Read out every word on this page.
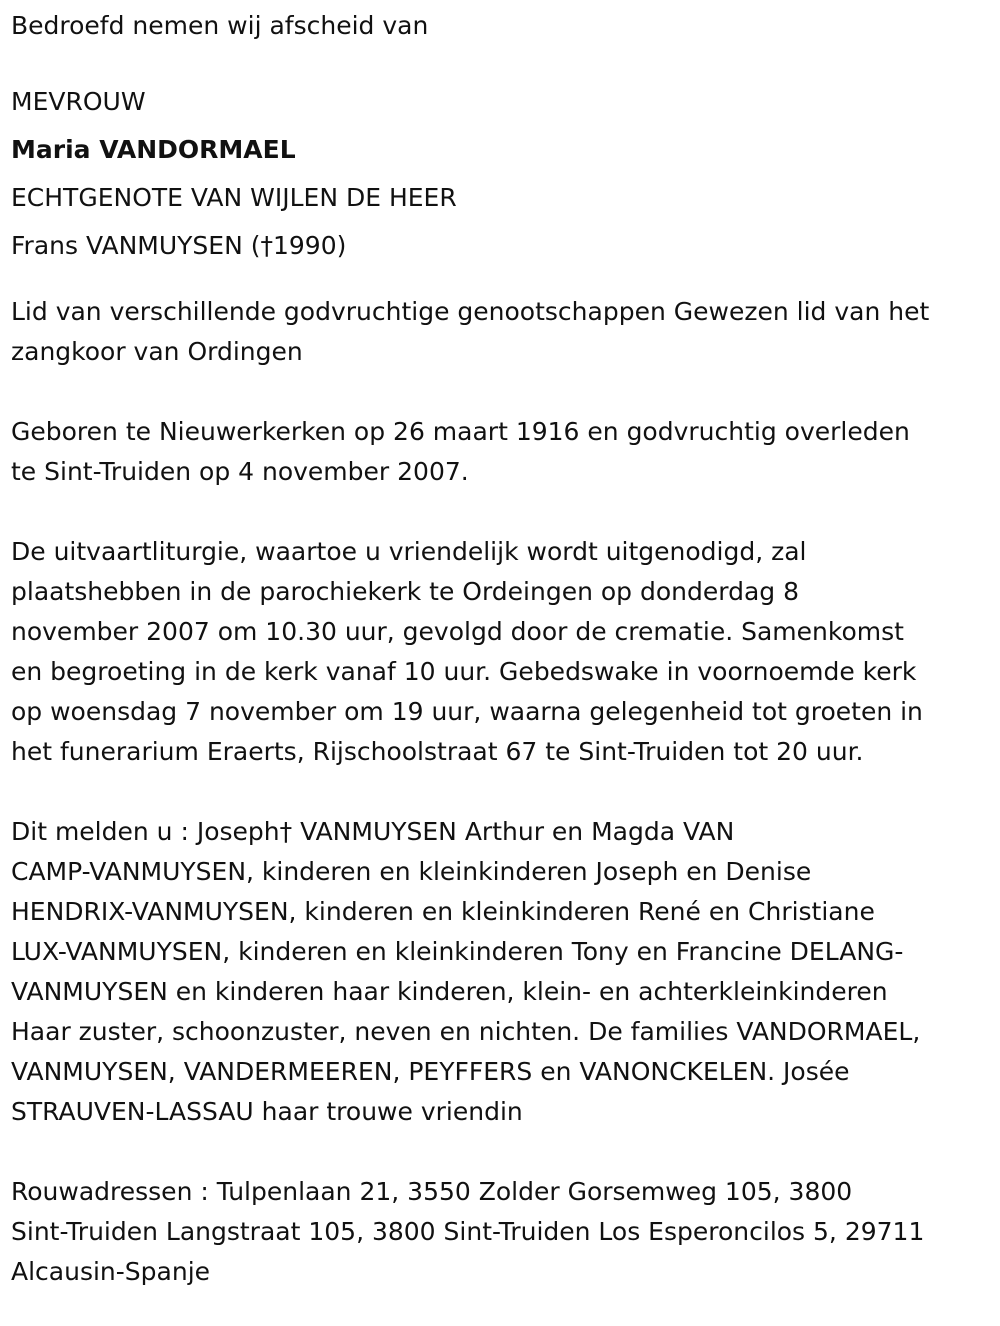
Bedroefd nemen wij afscheid van

MEVROUW

Maria VANDORMAEL

ECHTGENOTE VAN WIJLEN DE HEER

Frans VANMUYSEN (†1990)

Lid van verschillende godvruchtige genootschappen Gewezen lid van het

zangkoor van Ordingen

Geboren te Nieuwerkerken op 26 maart 1916 en godvruchtig overleden

te Sint-Truiden op 4 november 2007.

De uitvaartliturgie, waartoe u vriendelijk wordt uitgenodigd, zal

plaatshebben in de parochiekerk te Ordeingen op donderdag 8

november 2007 om 10.30 uur, gevolgd door de crematie. Samenkomst

en begroeting in de kerk vanaf 10 uur. Gebedswake in voornoemde kerk

op woensdag 7 november om 19 uur, waarna gelegenheid tot groeten in

het funerarium Eraerts, Rijschoolstraat 67 te Sint-Truiden tot 20 uur.

Dit melden u : Joseph† VANMUYSEN Arthur en Magda VAN

CAMP-VANMUYSEN, kinderen en kleinkinderen Joseph en Denise

HENDRIX-VANMUYSEN, kinderen en kleinkinderen René en Christiane

LUX-VANMUYSEN, kinderen en kleinkinderen Tony en Francine DELANG-

VANMUYSEN en kinderen haar kinderen, klein- en achterkleinkinderen

Haar zuster, schoonzuster, neven en nichten. De families VANDORMAEL,

VANMUYSEN, VANDERMEEREN, PEYFFERS en VANONCKELEN. Josée

STRAUVEN-LASSAU haar trouwe vriendin

Rouwadressen : Tulpenlaan 21, 3550 Zolder Gorsemweg 105, 3800

Sint-Truiden Langstraat 105, 3800 Sint-Truiden Los Esperoncilos 5, 29711

Alcausin-Spanje
